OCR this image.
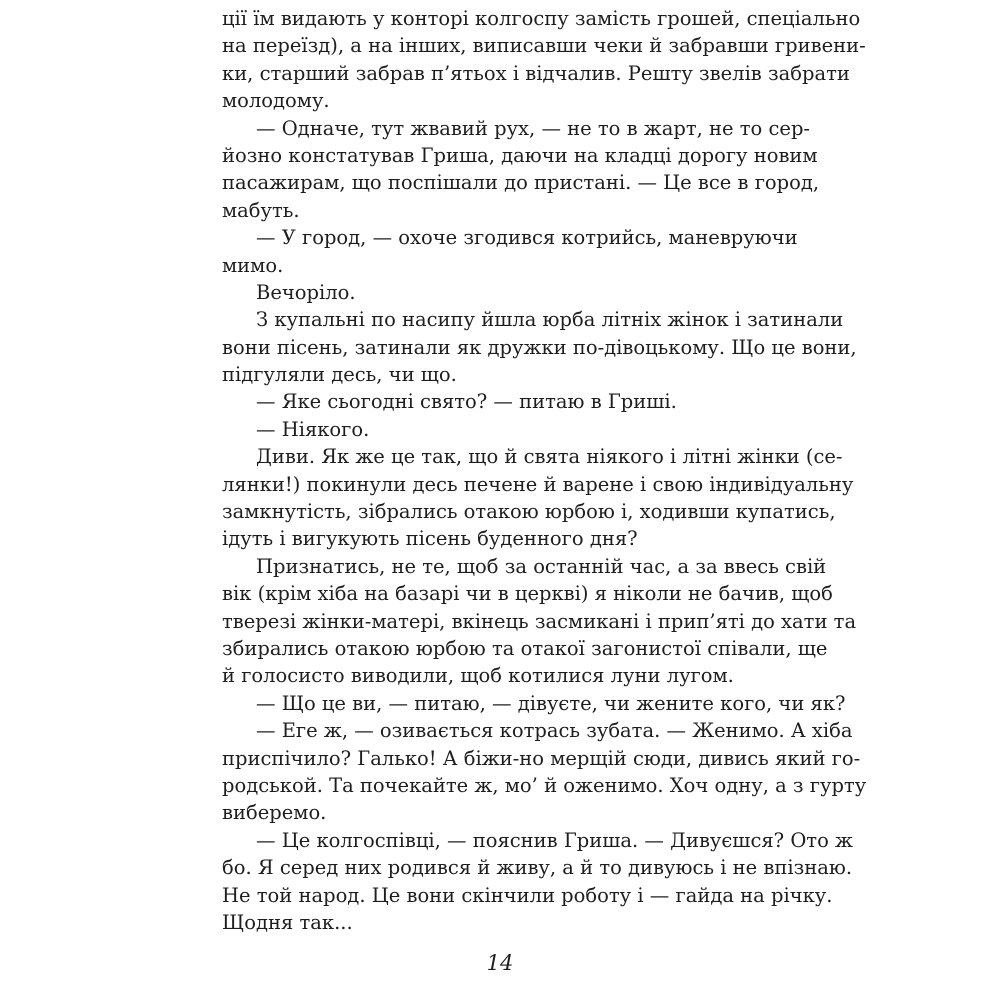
ції їм видають у конторі колгоспу замість грошей, спеціально
на переїзд), а на інших, виписавши чеки й забравши гривени-
ки, старший забрав п’ятьох і відчалив. Решту звелів забрати
молодому.
— Одначе, тут жвавий рух, — не то в жарт, не то сер-
йозно констатував Гриша, даючи на кладці дорогу новим
пасажирам, що поспішали до пристані. — Це все в город,
мабуть.
— У город, — охоче згодився котрийсь, маневруючи
мимо.
Вечоріло.
З купальні по насипу йшла юрба літніх жінок і затинали
вони пісень, затинали як дружки по-дівоцькому. Що це вони,
підгуляли десь, чи що.
— Яке сьогодні свято? — питаю в Гриші.
— Ніякого.
Диви. Як же це так, що й свята ніякого і літні жінки (се-
лянки!) покинули десь печене й варене і свою індивідуальну
замкнутість, зібрались отакою юрбою і, ходивши купатись,
ідуть і вигукують пісень буденного дня?
Признатись, не те, щоб за останній час, а за ввесь свій
вік (крім хіба на базарі чи в церкві) я ніколи не бачив, щоб
тверезі жінки-матері, вкінець засмикані і прип’яті до хати та
збирались отакою юрбою та отакої загонистої співали, ще
й голосисто виводили, щоб котилися луни лугом.
— Що це ви, — питаю, — дівуєте, чи жените кого, чи як?
— Еге ж, — озивається котрась зубата. — Женимо. А хіба
приспічило? Галько! А біжи-но мерщій сюди, дивись який го-
родськой. Та почекайте ж, мо’ й оженимо. Хоч одну, а з гурту
виберемо.
— Це колгоспівці, — пояснив Гриша. — Дивуєшся? Ото ж
бо. Я серед них родився й живу, а й то дивуюсь і не впізнаю.
Не той народ. Це вони скінчили роботу і — гайда на річку.
Щодня так...
14
